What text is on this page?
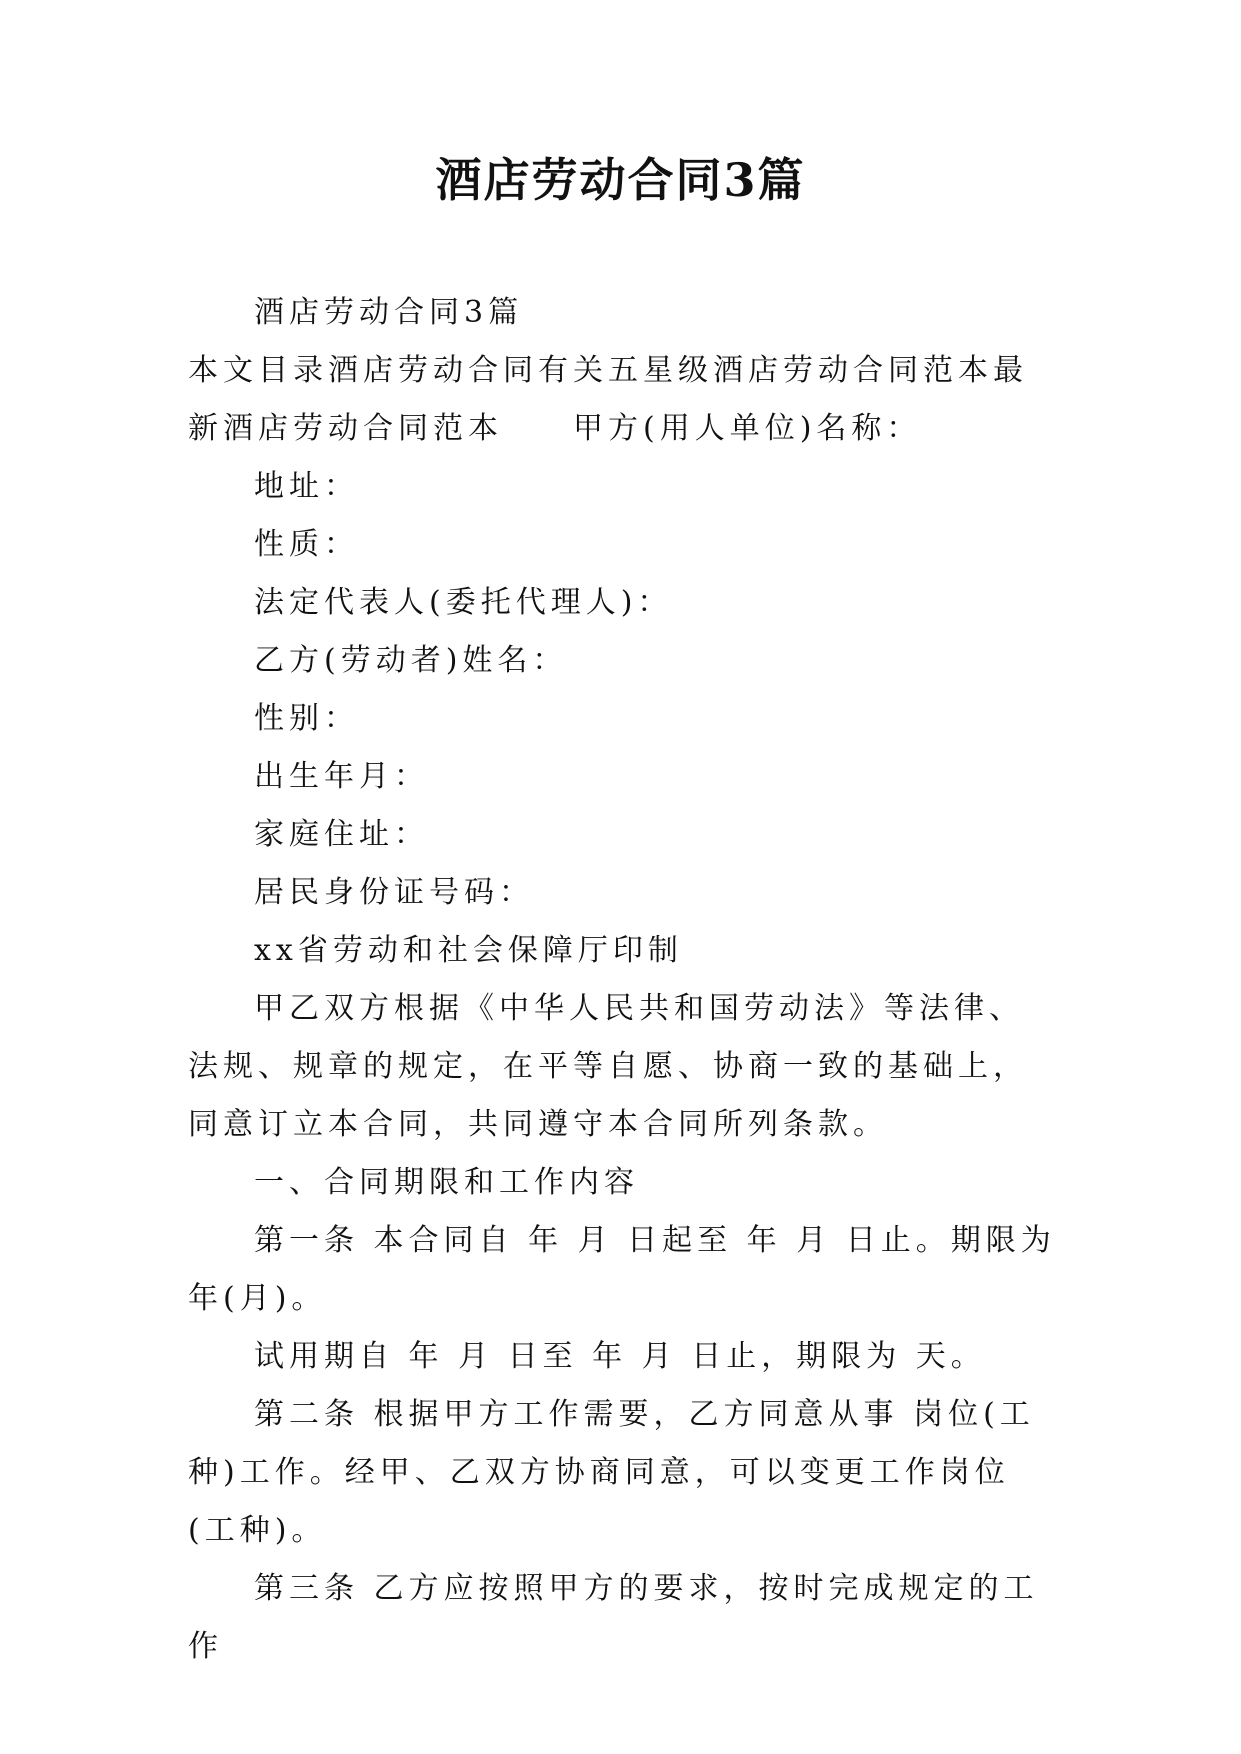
酒店劳动合同3篇

酒店劳动合同3篇

本文目录酒店劳动合同有关五星级酒店劳动合同范本最新酒店劳动合同范本　　甲方(用人单位)名称：

地址：

性质：

法定代表人(委托代理人)：

乙方(劳动者)姓名：

性别：

出生年月：

家庭住址：

居民身份证号码：

xx省劳动和社会保障厅印制

甲乙双方根据《中华人民共和国劳动法》等法律、法规、规章的规定，在平等自愿、协商一致的基础上，同意订立本合同，共同遵守本合同所列条款。

一、合同期限和工作内容

第一条 本合同自 年 月 日起至 年 月 日止。期限为 年(月)。

试用期自 年 月 日至 年 月 日止，期限为 天。

第二条 根据甲方工作需要，乙方同意从事 岗位(工种)工作。经甲、乙双方协商同意，可以变更工作岗位(工种)。

第三条 乙方应按照甲方的要求，按时完成规定的工作
